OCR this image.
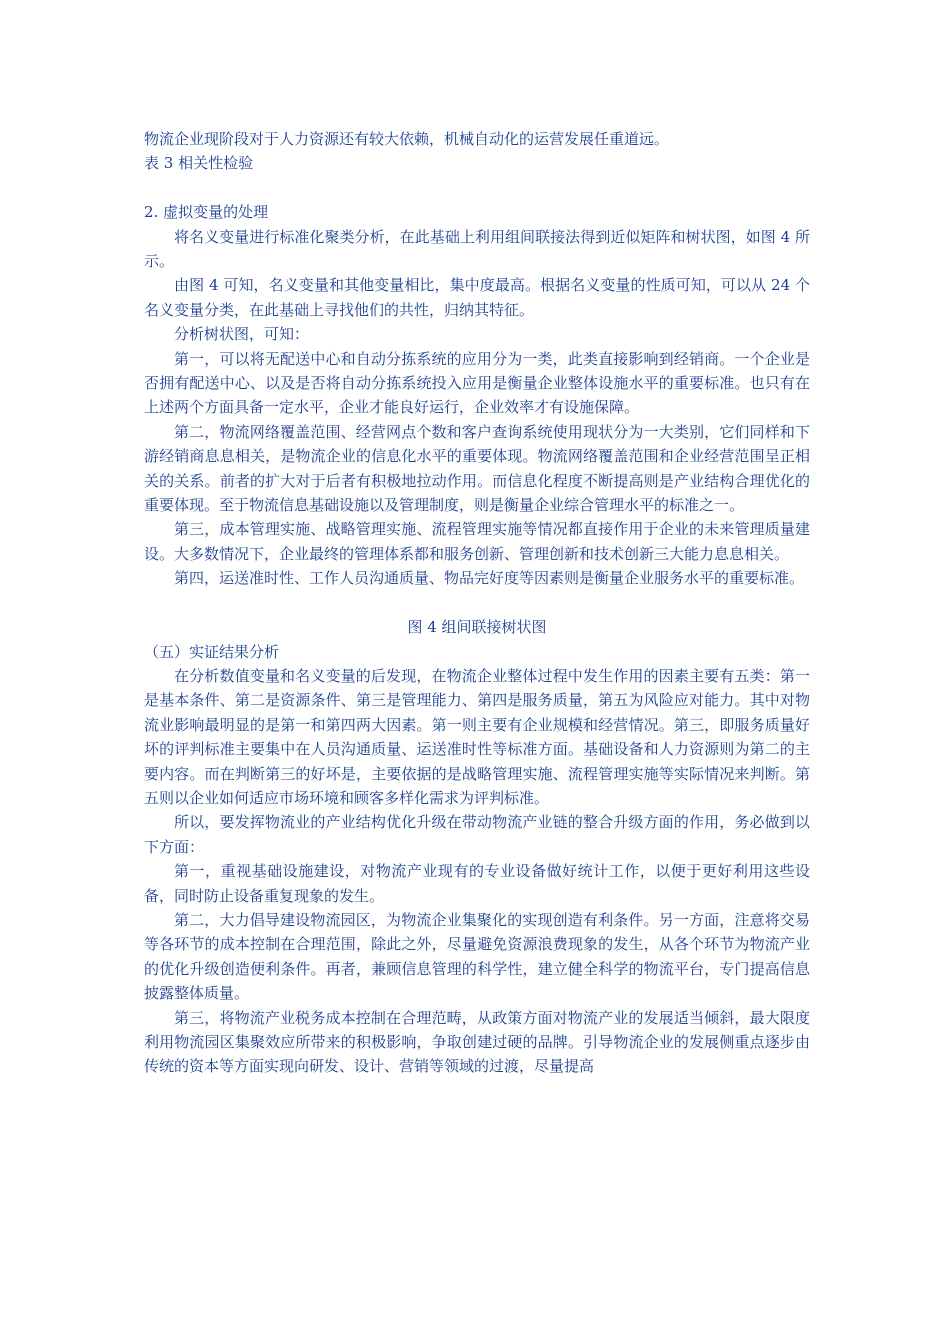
物流企业现阶段对于人力资源还有较大依赖，机械自动化的运营发展任重道远。

表 3 相关性检验

2. 虚拟变量的处理

将名义变量进行标准化聚类分析，在此基础上利用组间联接法得到近似矩阵和树状图，如图 4 所示。

由图 4 可知，名义变量和其他变量相比，集中度最高。根据名义变量的性质可知，可以从 24 个名义变量分类，在此基础上寻找他们的共性，归纳其特征。

分析树状图，可知：

第一，可以将无配送中心和自动分拣系统的应用分为一类，此类直接影响到经销商。一个企业是否拥有配送中心、以及是否将自动分拣系统投入应用是衡量企业整体设施水平的重要标准。也只有在上述两个方面具备一定水平，企业才能良好运行，企业效率才有设施保障。

第二，物流网络覆盖范围、经营网点个数和客户查询系统使用现状分为一大类别，它们同样和下游经销商息息相关，是物流企业的信息化水平的重要体现。物流网络覆盖范围和企业经营范围呈正相关的关系。前者的扩大对于后者有积极地拉动作用。而信息化程度不断提高则是产业结构合理优化的重要体现。至于物流信息基础设施以及管理制度，则是衡量企业综合管理水平的标准之一。

第三，成本管理实施、战略管理实施、流程管理实施等情况都直接作用于企业的未来管理质量建设。大多数情况下，企业最终的管理体系都和服务创新、管理创新和技术创新三大能力息息相关。

第四，运送准时性、工作人员沟通质量、物品完好度等因素则是衡量企业服务水平的重要标准。

图 4 组间联接树状图

（五）实证结果分析

在分析数值变量和名义变量的后发现，在物流企业整体过程中发生作用的因素主要有五类：第一是基本条件、第二是资源条件、第三是管理能力、第四是服务质量，第五为风险应对能力。其中对物流业影响最明显的是第一和第四两大因素。第一则主要有企业规模和经营情况。第三，即服务质量好坏的评判标准主要集中在人员沟通质量、运送准时性等标准方面。基础设备和人力资源则为第二的主要内容。而在判断第三的好坏是，主要依据的是战略管理实施、流程管理实施等实际情况来判断。第五则以企业如何适应市场环境和顾客多样化需求为评判标准。

所以，要发挥物流业的产业结构优化升级在带动物流产业链的整合升级方面的作用，务必做到以下方面：

第一，重视基础设施建设，对物流产业现有的专业设备做好统计工作，以便于更好利用这些设备，同时防止设备重复现象的发生。

第二，大力倡导建设物流园区，为物流企业集聚化的实现创造有利条件。另一方面，注意将交易等各环节的成本控制在合理范围，除此之外，尽量避免资源浪费现象的发生，从各个环节为物流产业的优化升级创造便利条件。再者，兼顾信息管理的科学性，建立健全科学的物流平台，专门提高信息披露整体质量。

第三，将物流产业税务成本控制在合理范畴，从政策方面对物流产业的发展适当倾斜，最大限度利用物流园区集聚效应所带来的积极影响，争取创建过硬的品牌。引导物流企业的发展侧重点逐步由传统的资本等方面实现向研发、设计、营销等领域的过渡，尽量提高
